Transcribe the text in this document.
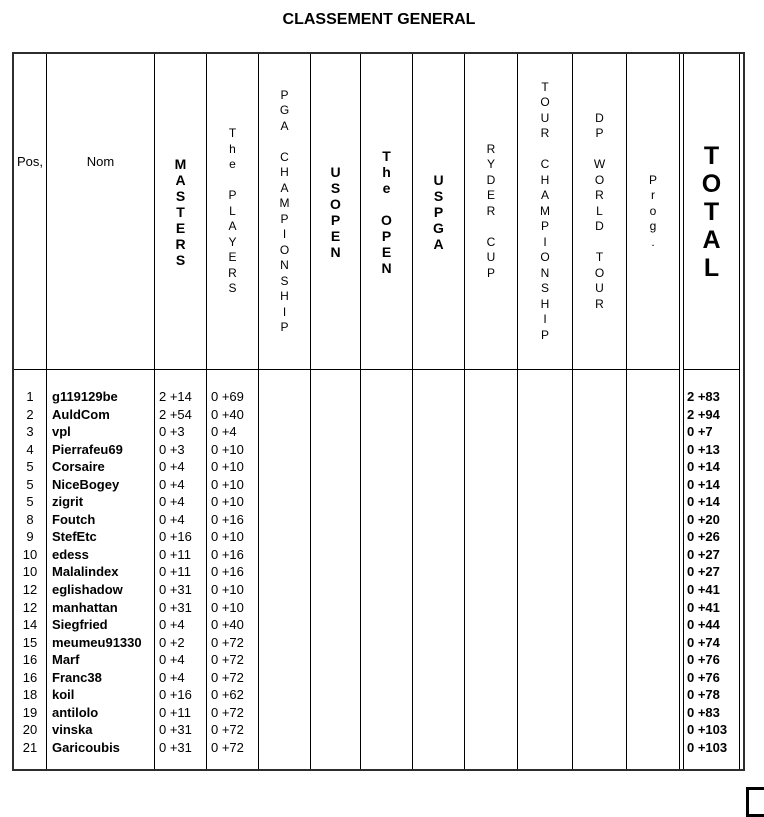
CLASSEMENT GENERAL
Pos,
1
2
3
4
5
5
5
8
9
10
10
12
12
14
15
16
16
18
19
20
21
Nom
g119129be
AuldCom
vpl
Pierrafeu69
Corsaire
NiceBogey
zigrit
Foutch
StefEtc
edess
Malalindex
eglishadow
manhattan
Siegfried
meumeu91330
Marf
Franc38
koil
antilolo
vinska
Garicoubis
M
A
S
T
E
R
S
2 +14
2 +54
0 +3
0 +3
0 +4
0 +4
0 +4
0 +4
0 +16
0 +11
0 +11
0 +31
0 +31
0 +4
0 +2
0 +4
0 +4
0 +16
0 +11
0 +31
0 +31
T
h
e

P
L
A
Y
E
R
S
0 +69
0 +40
0 +4
0 +10
0 +10
0 +10
0 +10
0 +16
0 +10
0 +16
0 +16
0 +10
0 +10
0 +40
0 +72
0 +72
0 +72
0 +62
0 +72
0 +72
0 +72
P
G
A

C
H
A
M
P
I
O
N
S
H
I
P

U
S
O
P
E
N

T
h
e

O
P
E
N

U
S
P
G
A

R
Y
D
E
R

C
U
P

T
O
U
R

C
H
A
M
P
I
O
N
S
H
I
P

D
P

W
O
R
L
D

T
O
U
R

P
r
o
g
.

T
O
T
A
L
2 +83
2 +94
0 +7
0 +13
0 +14
0 +14
0 +14
0 +20
0 +26
0 +27
0 +27
0 +41
0 +41
0 +44
0 +74
0 +76
0 +76
0 +78
0 +83
0 +103
0 +103
